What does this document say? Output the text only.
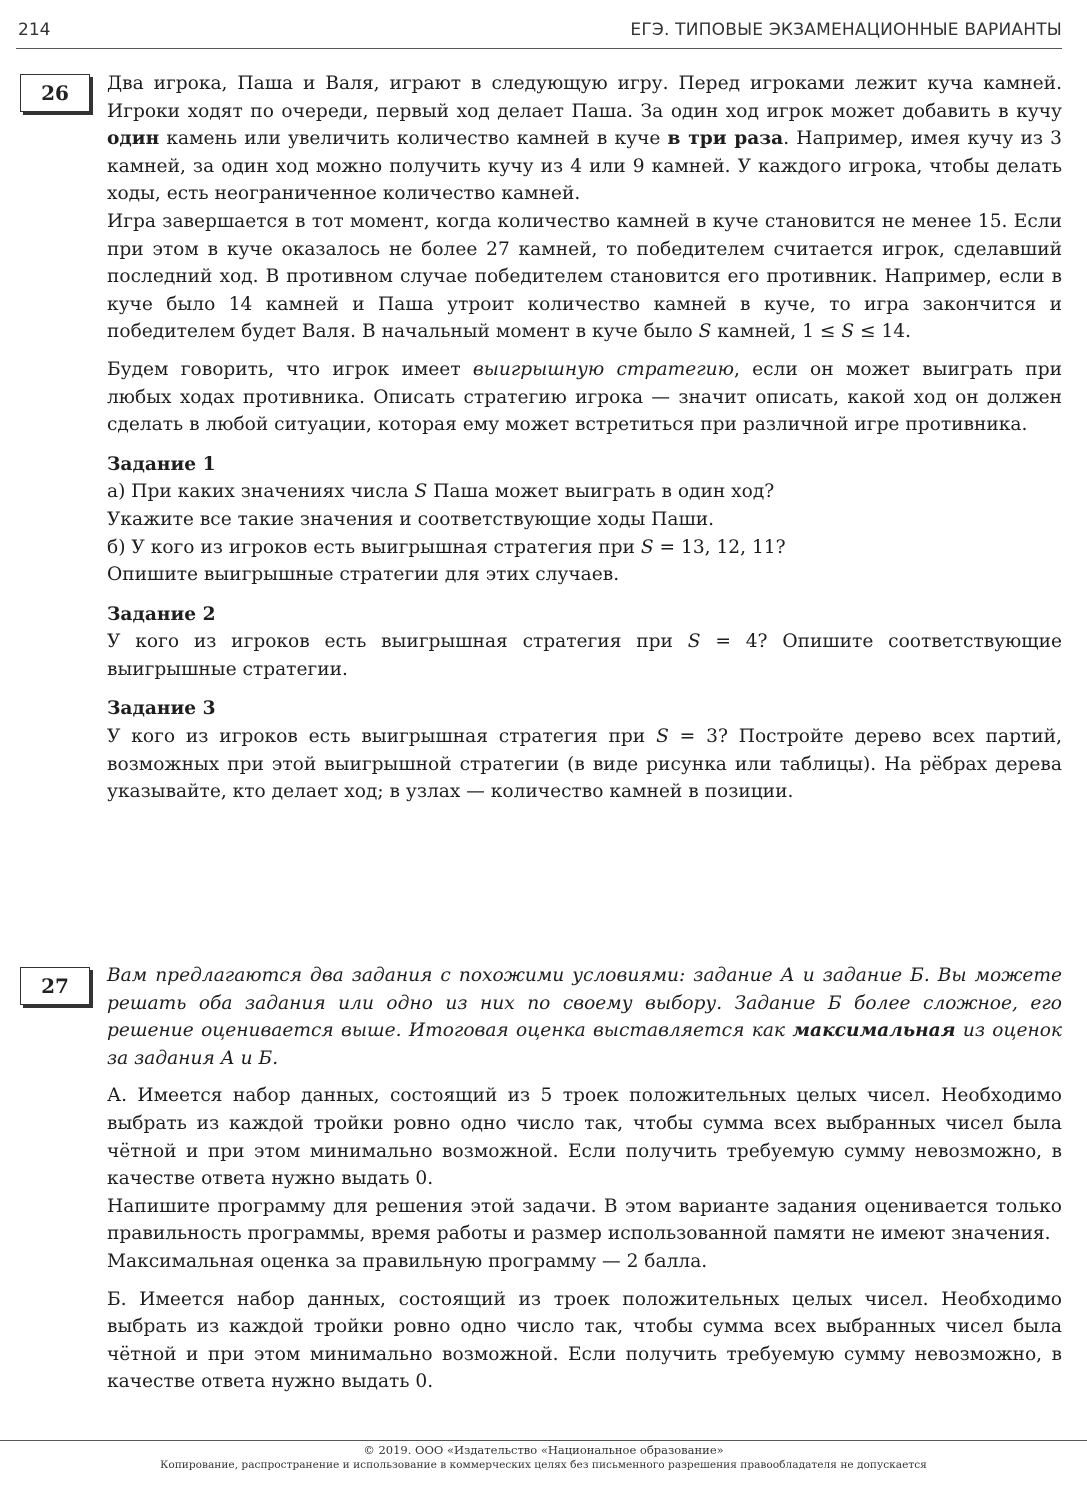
214	ЕГЭ. ТИПОВЫЕ ЭКЗАМЕНАЦИОННЫЕ ВАРИАНТЫ
26	Два игрока, Паша и Валя, играют в следующую игру. Перед игроками лежит куча камней. Игроки ходят по очереди, первый ход делает Паша. За один ход игрок может добавить в кучу один камень или увеличить количество камней в куче в три раза. Например, имея кучу из 3 камней, за один ход можно получить кучу из 4 или 9 камней. У каждого игрока, чтобы делать ходы, есть неограниченное количество камней.

Игра завершается в тот момент, когда количество камней в куче становится не менее 15. Если при этом в куче оказалось не более 27 камней, то победителем считается игрок, сделавший последний ход. В противном случае победителем становится его противник. Например, если в куче было 14 камней и Паша утроит количество камней в куче, то игра закончится и победителем будет Валя. В начальный момент в куче было S камней, 1 ≤ S ≤ 14.

Будем говорить, что игрок имеет выигрышную стратегию, если он может выиграть при любых ходах противника. Описать стратегию игрока — значит описать, какой ход он должен сделать в любой ситуации, которая ему может встретиться при различной игре противника.

Задание 1

а) При каких значениях числа S Паша может выиграть в один ход?

Укажите все такие значения и соответствующие ходы Паши.

б) У кого из игроков есть выигрышная стратегия при S = 13, 12, 11?

Опишите выигрышные стратегии для этих случаев.

Задание 2

У кого из игроков есть выигрышная стратегия при S = 4? Опишите соответствующие выигрышные стратегии.

Задание 3

У кого из игроков есть выигрышная стратегия при S = 3? Постройте дерево всех партий, возможных при этой выигрышной стратегии (в виде рисунка или таблицы). На рёбрах дерева указывайте, кто делает ход; в узлах — количество камней в позиции.

27	Вам предлагаются два задания с похожими условиями: задание А и задание Б. Вы можете решать оба задания или одно из них по своему выбору. Задание Б более сложное, его решение оценивается выше. Итоговая оценка выставляется как максимальная из оценок за задания А и Б.

А. Имеется набор данных, состоящий из 5 троек положительных целых чисел. Необходимо выбрать из каждой тройки ровно одно число так, чтобы сумма всех выбранных чисел была чётной и при этом минимально возможной. Если получить требуемую сумму невозможно, в качестве ответа нужно выдать 0.

Напишите программу для решения этой задачи. В этом варианте задания оценивается только правильность программы, время работы и размер использованной памяти не имеют значения.

Максимальная оценка за правильную программу — 2 балла.

Б. Имеется набор данных, состоящий из троек положительных целых чисел. Необходимо выбрать из каждой тройки ровно одно число так, чтобы сумма всех выбранных чисел была чётной и при этом минимально возможной. Если получить требуемую сумму невозможно, в качестве ответа нужно выдать 0.

© 2019. ООО «Издательство «Национальное образование»
Копирование, распространение и использование в коммерческих целях без письменного разрешения правообладателя не допускается
